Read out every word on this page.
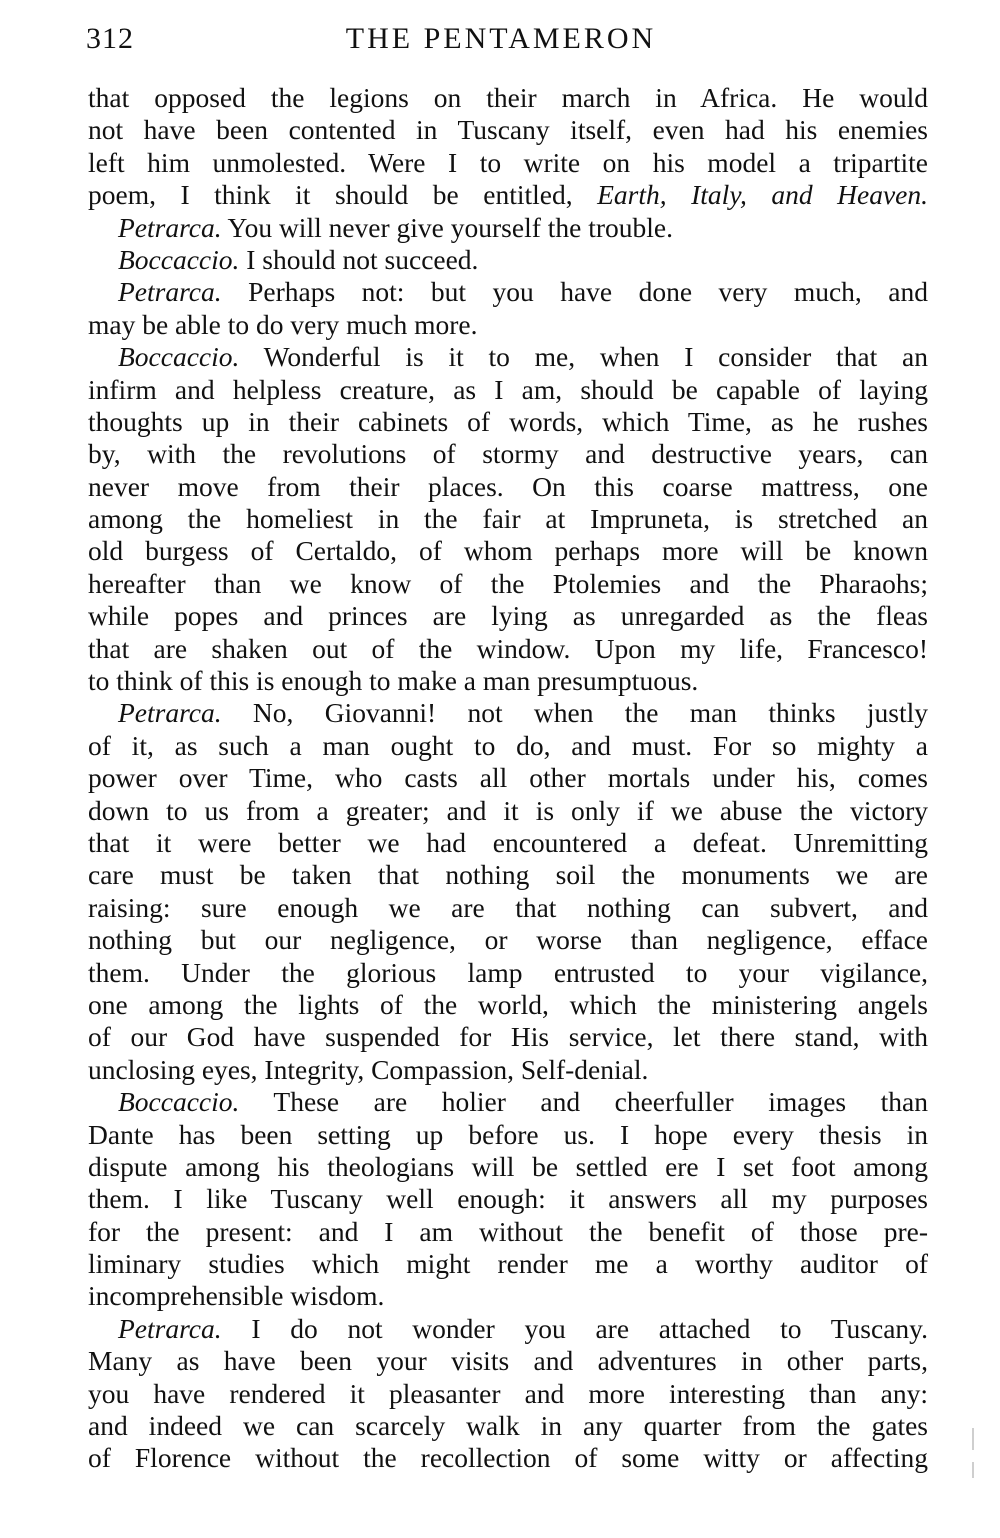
312	THE PENTAMERON
that opposed the legions on their march in Africa. He would
not have been contented in Tuscany itself, even had his enemies
left him unmolested. Were I to write on his model a tripartite
poem, I think it should be entitled, Earth, Italy, and Heaven.
Petrarca. You will never give yourself the trouble.
Boccaccio. I should not succeed.
Petrarca. Perhaps not: but you have done very much, and
may be able to do very much more.
Boccaccio. Wonderful is it to me, when I consider that an
infirm and helpless creature, as I am, should be capable of laying
thoughts up in their cabinets of words, which Time, as he rushes
by, with the revolutions of stormy and destructive years, can
never move from their places. On this coarse mattress, one
among the homeliest in the fair at Impruneta, is stretched an
old burgess of Certaldo, of whom perhaps more will be known
hereafter than we know of the Ptolemies and the Pharaohs;
while popes and princes are lying as unregarded as the fleas
that are shaken out of the window. Upon my life, Francesco!
to think of this is enough to make a man presumptuous.
Petrarca. No, Giovanni! not when the man thinks justly
of it, as such a man ought to do, and must. For so mighty a
power over Time, who casts all other mortals under his, comes
down to us from a greater; and it is only if we abuse the victory
that it were better we had encountered a defeat. Unremitting
care must be taken that nothing soil the monuments we are
raising: sure enough we are that nothing can subvert, and
nothing but our negligence, or worse than negligence, efface
them. Under the glorious lamp entrusted to your vigilance,
one among the lights of the world, which the ministering angels
of our God have suspended for His service, let there stand, with
unclosing eyes, Integrity, Compassion, Self-denial.
Boccaccio. These are holier and cheerfuller images than
Dante has been setting up before us. I hope every thesis in
dispute among his theologians will be settled ere I set foot among
them. I like Tuscany well enough: it answers all my purposes
for the present: and I am without the benefit of those pre-
liminary studies which might render me a worthy auditor of
incomprehensible wisdom.
Petrarca. I do not wonder you are attached to Tuscany.
Many as have been your visits and adventures in other parts,
you have rendered it pleasanter and more interesting than any:
and indeed we can scarcely walk in any quarter from the gates
of Florence without the recollection of some witty or affecting
